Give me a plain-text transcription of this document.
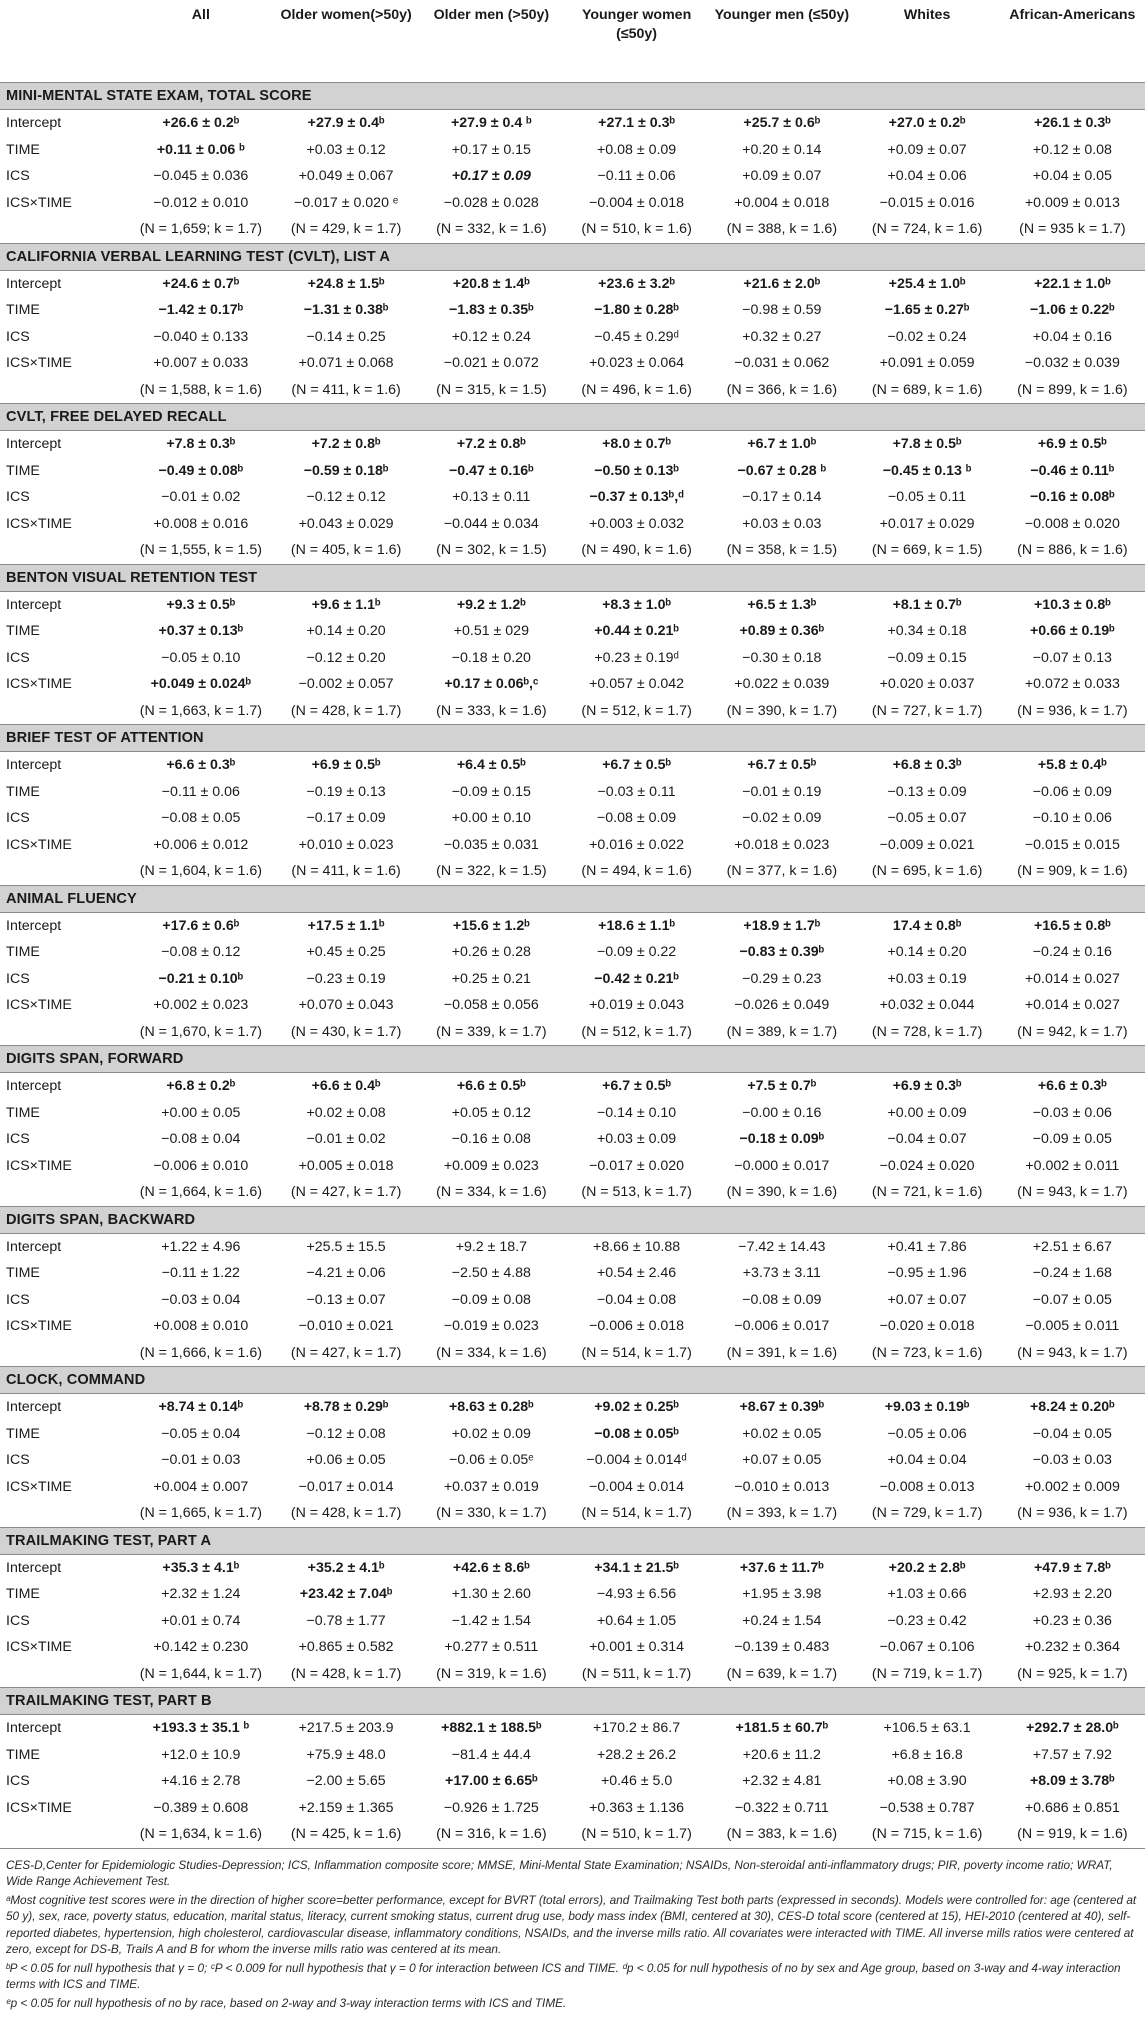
	All	Older women(>50y)	Older men (>50y)	Younger women (≤50y)	Younger men (≤50y)	Whites	African-Americans
MINI-MENTAL STATE EXAM, TOTAL SCORE							
Intercept	+26.6 ± 0.2ᵇ	+27.9 ± 0.4ᵇ	+27.9 ± 0.4 ᵇ	+27.1 ± 0.3ᵇ	+25.7 ± 0.6ᵇ	+27.0 ± 0.2ᵇ	+26.1 ± 0.3ᵇ
TIME	+0.11 ± 0.06 ᵇ	+0.03 ± 0.12	+0.17 ± 0.15	+0.08 ± 0.09	+0.20 ± 0.14	+0.09 ± 0.07	+0.12 ± 0.08
ICS	−0.045 ± 0.036	+0.049 ± 0.067	+0.17 ± 0.09	−0.11 ± 0.06	+0.09 ± 0.07	+0.04 ± 0.06	+0.04 ± 0.05
ICS×TIME	−0.012 ± 0.010	−0.017 ± 0.020 ᵉ	−0.028 ± 0.028	−0.004 ± 0.018	+0.004 ± 0.018	−0.015 ± 0.016	+0.009 ± 0.013
	(N = 1,659; k = 1.7)	(N = 429, k = 1.7)	(N = 332, k = 1.6)	(N = 510, k = 1.6)	(N = 388, k = 1.6)	(N = 724, k = 1.6)	(N = 935 k = 1.7)
CALIFORNIA VERBAL LEARNING TEST (CVLT), LIST A							
Intercept	+24.6 ± 0.7ᵇ	+24.8 ± 1.5ᵇ	+20.8 ± 1.4ᵇ	+23.6 ± 3.2ᵇ	+21.6 ± 2.0ᵇ	+25.4 ± 1.0ᵇ	+22.1 ± 1.0ᵇ
TIME	−1.42 ± 0.17ᵇ	−1.31 ± 0.38ᵇ	−1.83 ± 0.35ᵇ	−1.80 ± 0.28ᵇ	−0.98 ± 0.59	−1.65 ± 0.27ᵇ	−1.06 ± 0.22ᵇ
ICS	−0.040 ± 0.133	−0.14 ± 0.25	+0.12 ± 0.24	−0.45 ± 0.29ᵈ	+0.32 ± 0.27	−0.02 ± 0.24	+0.04 ± 0.16
ICS×TIME	+0.007 ± 0.033	+0.071 ± 0.068	−0.021 ± 0.072	+0.023 ± 0.064	−0.031 ± 0.062	+0.091 ± 0.059	−0.032 ± 0.039
	(N = 1,588, k = 1.6)	(N = 411, k = 1.6)	(N = 315, k = 1.5)	(N = 496, k = 1.6)	(N = 366, k = 1.6)	(N = 689, k = 1.6)	(N = 899, k = 1.6)
CVLT, FREE DELAYED RECALL							
Intercept	+7.8 ± 0.3ᵇ	+7.2 ± 0.8ᵇ	+7.2 ± 0.8ᵇ	+8.0 ± 0.7ᵇ	+6.7 ± 1.0ᵇ	+7.8 ± 0.5ᵇ	+6.9 ± 0.5ᵇ
TIME	−0.49 ± 0.08ᵇ	−0.59 ± 0.18ᵇ	−0.47 ± 0.16ᵇ	−0.50 ± 0.13ᵇ	−0.67 ± 0.28 ᵇ	−0.45 ± 0.13 ᵇ	−0.46 ± 0.11ᵇ
ICS	−0.01 ± 0.02	−0.12 ± 0.12	+0.13 ± 0.11	−0.37 ± 0.13ᵇ,ᵈ	−0.17 ± 0.14	−0.05 ± 0.11	−0.16 ± 0.08ᵇ
ICS×TIME	+0.008 ± 0.016	+0.043 ± 0.029	−0.044 ± 0.034	+0.003 ± 0.032	+0.03 ± 0.03	+0.017 ± 0.029	−0.008 ± 0.020
	(N = 1,555, k = 1.5)	(N = 405, k = 1.6)	(N = 302, k = 1.5)	(N = 490, k = 1.6)	(N = 358, k = 1.5)	(N = 669, k = 1.5)	(N = 886, k = 1.6)
BENTON VISUAL RETENTION TEST							
Intercept	+9.3 ± 0.5ᵇ	+9.6 ± 1.1ᵇ	+9.2 ± 1.2ᵇ	+8.3 ± 1.0ᵇ	+6.5 ± 1.3ᵇ	+8.1 ± 0.7ᵇ	+10.3 ± 0.8ᵇ
TIME	+0.37 ± 0.13ᵇ	+0.14 ± 0.20	+0.51 ± 029	+0.44 ± 0.21ᵇ	+0.89 ± 0.36ᵇ	+0.34 ± 0.18	+0.66 ± 0.19ᵇ
ICS	−0.05 ± 0.10	−0.12 ± 0.20	−0.18 ± 0.20	+0.23 ± 0.19ᵈ	−0.30 ± 0.18	−0.09 ± 0.15	−0.07 ± 0.13
ICS×TIME	+0.049 ± 0.024ᵇ	−0.002 ± 0.057	+0.17 ± 0.06ᵇ,ᶜ	+0.057 ± 0.042	+0.022 ± 0.039	+0.020 ± 0.037	+0.072 ± 0.033
	(N = 1,663, k = 1.7)	(N = 428, k = 1.7)	(N = 333, k = 1.6)	(N = 512, k = 1.7)	(N = 390, k = 1.7)	(N = 727, k = 1.7)	(N = 936, k = 1.7)
BRIEF TEST OF ATTENTION							
Intercept	+6.6 ± 0.3ᵇ	+6.9 ± 0.5ᵇ	+6.4 ± 0.5ᵇ	+6.7 ± 0.5ᵇ	+6.7 ± 0.5ᵇ	+6.8 ± 0.3ᵇ	+5.8 ± 0.4ᵇ
TIME	−0.11 ± 0.06	−0.19 ± 0.13	−0.09 ± 0.15	−0.03 ± 0.11	−0.01 ± 0.19	−0.13 ± 0.09	−0.06 ± 0.09
ICS	−0.08 ± 0.05	−0.17 ± 0.09	+0.00 ± 0.10	−0.08 ± 0.09	−0.02 ± 0.09	−0.05 ± 0.07	−0.10 ± 0.06
ICS×TIME	+0.006 ± 0.012	+0.010 ± 0.023	−0.035 ± 0.031	+0.016 ± 0.022	+0.018 ± 0.023	−0.009 ± 0.021	−0.015 ± 0.015
	(N = 1,604, k = 1.6)	(N = 411, k = 1.6)	(N = 322, k = 1.5)	(N = 494, k = 1.6)	(N = 377, k = 1.6)	(N = 695, k = 1.6)	(N = 909, k = 1.6)
ANIMAL FLUENCY							
Intercept	+17.6 ± 0.6ᵇ	+17.5 ± 1.1ᵇ	+15.6 ± 1.2ᵇ	+18.6 ± 1.1ᵇ	+18.9 ± 1.7ᵇ	17.4 ± 0.8ᵇ	+16.5 ± 0.8ᵇ
TIME	−0.08 ± 0.12	+0.45 ± 0.25	+0.26 ± 0.28	−0.09 ± 0.22	−0.83 ± 0.39ᵇ	+0.14 ± 0.20	−0.24 ± 0.16
ICS	−0.21 ± 0.10ᵇ	−0.23 ± 0.19	+0.25 ± 0.21	−0.42 ± 0.21ᵇ	−0.29 ± 0.23	+0.03 ± 0.19	+0.014 ± 0.027
ICS×TIME	+0.002 ± 0.023	+0.070 ± 0.043	−0.058 ± 0.056	+0.019 ± 0.043	−0.026 ± 0.049	+0.032 ± 0.044	+0.014 ± 0.027
	(N = 1,670, k = 1.7)	(N = 430, k = 1.7)	(N = 339, k = 1.7)	(N = 512, k = 1.7)	(N = 389, k = 1.7)	(N = 728, k = 1.7)	(N = 942, k = 1.7)
DIGITS SPAN, FORWARD							
Intercept	+6.8 ± 0.2ᵇ	+6.6 ± 0.4ᵇ	+6.6 ± 0.5ᵇ	+6.7 ± 0.5ᵇ	+7.5 ± 0.7ᵇ	+6.9 ± 0.3ᵇ	+6.6 ± 0.3ᵇ
TIME	+0.00 ± 0.05	+0.02 ± 0.08	+0.05 ± 0.12	−0.14 ± 0.10	−0.00 ± 0.16	+0.00 ± 0.09	−0.03 ± 0.06
ICS	−0.08 ± 0.04	−0.01 ± 0.02	−0.16 ± 0.08	+0.03 ± 0.09	−0.18 ± 0.09ᵇ	−0.04 ± 0.07	−0.09 ± 0.05
ICS×TIME	−0.006 ± 0.010	+0.005 ± 0.018	+0.009 ± 0.023	−0.017 ± 0.020	−0.000 ± 0.017	−0.024 ± 0.020	+0.002 ± 0.011
	(N = 1,664, k = 1.6)	(N = 427, k = 1.7)	(N = 334, k = 1.6)	(N = 513, k = 1.7)	(N = 390, k = 1.6)	(N = 721, k = 1.6)	(N = 943, k = 1.7)
DIGITS SPAN, BACKWARD							
Intercept	+1.22 ± 4.96	+25.5 ± 15.5	+9.2 ± 18.7	+8.66 ± 10.88	−7.42 ± 14.43	+0.41 ± 7.86	+2.51 ± 6.67
TIME	−0.11 ± 1.22	−4.21 ± 0.06	−2.50 ± 4.88	+0.54 ± 2.46	+3.73 ± 3.11	−0.95 ± 1.96	−0.24 ± 1.68
ICS	−0.03 ± 0.04	−0.13 ± 0.07	−0.09 ± 0.08	−0.04 ± 0.08	−0.08 ± 0.09	+0.07 ± 0.07	−0.07 ± 0.05
ICS×TIME	+0.008 ± 0.010	−0.010 ± 0.021	−0.019 ± 0.023	−0.006 ± 0.018	−0.006 ± 0.017	−0.020 ± 0.018	−0.005 ± 0.011
	(N = 1,666, k = 1.6)	(N = 427, k = 1.7)	(N = 334, k = 1.6)	(N = 514, k = 1.7)	(N = 391, k = 1.6)	(N = 723, k = 1.6)	(N = 943, k = 1.7)
CLOCK, COMMAND							
Intercept	+8.74 ± 0.14ᵇ	+8.78 ± 0.29ᵇ	+8.63 ± 0.28ᵇ	+9.02 ± 0.25ᵇ	+8.67 ± 0.39ᵇ	+9.03 ± 0.19ᵇ	+8.24 ± 0.20ᵇ
TIME	−0.05 ± 0.04	−0.12 ± 0.08	+0.02 ± 0.09	−0.08 ± 0.05ᵇ	+0.02 ± 0.05	−0.05 ± 0.06	−0.04 ± 0.05
ICS	−0.01 ± 0.03	+0.06 ± 0.05	−0.06 ± 0.05ᵉ	−0.004 ± 0.014ᵈ	+0.07 ± 0.05	+0.04 ± 0.04	−0.03 ± 0.03
ICS×TIME	+0.004 ± 0.007	−0.017 ± 0.014	+0.037 ± 0.019	−0.004 ± 0.014	−0.010 ± 0.013	−0.008 ± 0.013	+0.002 ± 0.009
	(N = 1,665, k = 1.7)	(N = 428, k = 1.7)	(N = 330, k = 1.7)	(N = 514, k = 1.7)	(N = 393, k = 1.7)	(N = 729, k = 1.7)	(N = 936, k = 1.7)
TRAILMAKING TEST, PART A							
Intercept	+35.3 ± 4.1ᵇ	+35.2 ± 4.1ᵇ	+42.6 ± 8.6ᵇ	+34.1 ± 21.5ᵇ	+37.6 ± 11.7ᵇ	+20.2 ± 2.8ᵇ	+47.9 ± 7.8ᵇ
TIME	+2.32 ± 1.24	+23.42 ± 7.04ᵇ	+1.30 ± 2.60	−4.93 ± 6.56	+1.95 ± 3.98	+1.03 ± 0.66	+2.93 ± 2.20
ICS	+0.01 ± 0.74	−0.78 ± 1.77	−1.42 ± 1.54	+0.64 ± 1.05	+0.24 ± 1.54	−0.23 ± 0.42	+0.23 ± 0.36
ICS×TIME	+0.142 ± 0.230	+0.865 ± 0.582	+0.277 ± 0.511	+0.001 ± 0.314	−0.139 ± 0.483	−0.067 ± 0.106	+0.232 ± 0.364
	(N = 1,644, k = 1.7)	(N = 428, k = 1.7)	(N = 319, k = 1.6)	(N = 511, k = 1.7)	(N = 639, k = 1.7)	(N = 719, k = 1.7)	(N = 925, k = 1.7)
TRAILMAKING TEST, PART B							
Intercept	+193.3 ± 35.1 ᵇ	+217.5 ± 203.9	+882.1 ± 188.5ᵇ	+170.2 ± 86.7	+181.5 ± 60.7ᵇ	+106.5 ± 63.1	+292.7 ± 28.0ᵇ
TIME	+12.0 ± 10.9	+75.9 ± 48.0	−81.4 ± 44.4	+28.2 ± 26.2	+20.6 ± 11.2	+6.8 ± 16.8	+7.57 ± 7.92
ICS	+4.16 ± 2.78	−2.00 ± 5.65	+17.00 ± 6.65ᵇ	+0.46 ± 5.0	+2.32 ± 4.81	+0.08 ± 3.90	+8.09 ± 3.78ᵇ
ICS×TIME	−0.389 ± 0.608	+2.159 ± 1.365	−0.926 ± 1.725	+0.363 ± 1.136	−0.322 ± 0.711	−0.538 ± 0.787	+0.686 ± 0.851
	(N = 1,634, k = 1.6)	(N = 425, k = 1.6)	(N = 316, k = 1.6)	(N = 510, k = 1.7)	(N = 383, k = 1.6)	(N = 715, k = 1.6)	(N = 919, k = 1.6)

CES-D,Center for Epidemiologic Studies-Depression; ICS, Inflammation composite score; MMSE, Mini-Mental State Examination; NSAIDs, Non-steroidal anti-inflammatory drugs; PIR, poverty income ratio; WRAT, Wide Range Achievement Test.

ᵃMost cognitive test scores were in the direction of higher score=better performance, except for BVRT (total errors), and Trailmaking Test both parts (expressed in seconds). Models were controlled for: age (centered at 50 y), sex, race, poverty status, education, marital status, literacy, current smoking status, current drug use, body mass index (BMI, centered at 30), CES-D total score (centered at 15), HEI-2010 (centered at 40), self-reported diabetes, hypertension, high cholesterol, cardiovascular disease, inflammatory conditions, NSAIDs, and the inverse mills ratio. All covariates were interacted with TIME. All inverse mills ratios were centered at zero, except for DS-B, Trails A and B for whom the inverse mills ratio was centered at its mean.

ᵇP < 0.05 for null hypothesis that γ = 0; ᶜP < 0.009 for null hypothesis that γ = 0 for interaction between ICS and TIME. ᵈp < 0.05 for null hypothesis of no by sex and Age group, based on 3-way and 4-way interaction terms with ICS and TIME.

ᵉp < 0.05 for null hypothesis of no by race, based on 2-way and 3-way interaction terms with ICS and TIME.
